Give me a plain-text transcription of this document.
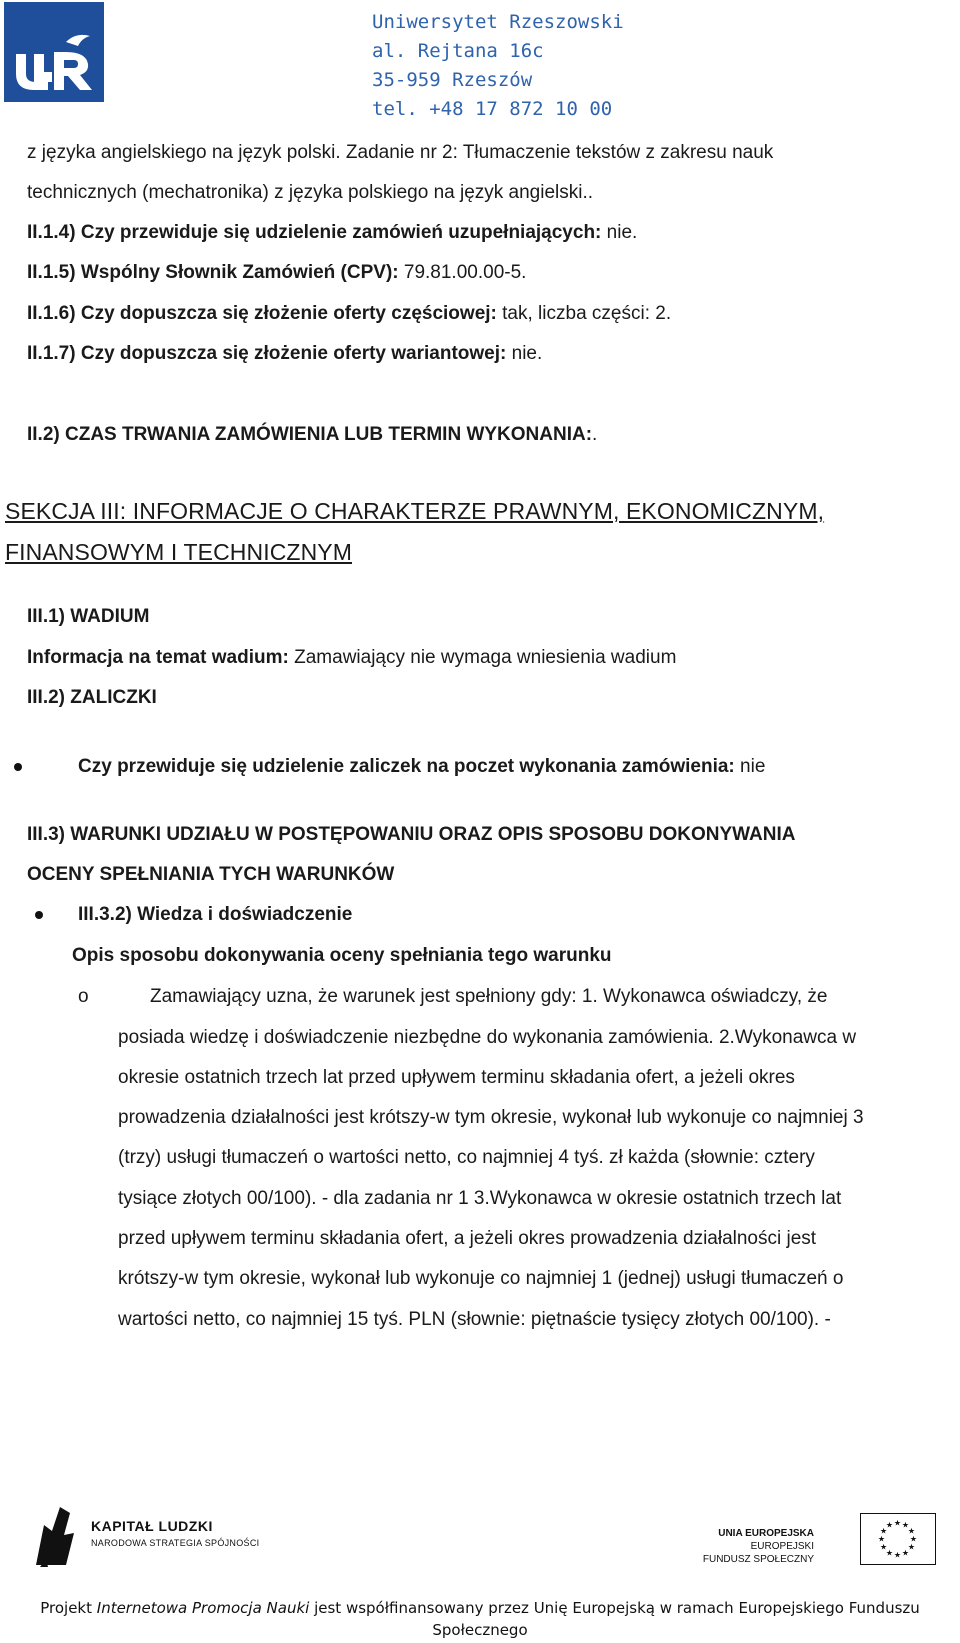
Uniwersytet Rzeszowski
al. Rejtana 16c
35-959 Rzeszów
tel. +48 17 872 10 00
z języka angielskiego na język polski. Zadanie nr 2: Tłumaczenie tekstów z zakresu nauk
technicznych (mechatronika) z języka polskiego na język angielski..
II.1.4) Czy przewiduje się udzielenie zamówień uzupełniających: nie.
II.1.5) Wspólny Słownik Zamówień (CPV): 79.81.00.00-5.
II.1.6) Czy dopuszcza się złożenie oferty częściowej: tak, liczba części: 2.
II.1.7) Czy dopuszcza się złożenie oferty wariantowej: nie.
II.2) CZAS TRWANIA ZAMÓWIENIA LUB TERMIN WYKONANIA:.
SEKCJA III: INFORMACJE O CHARAKTERZE PRAWNYM, EKONOMICZNYM,
FINANSOWYM I TECHNICZNYM
III.1) WADIUM
Informacja na temat wadium: Zamawiający nie wymaga wniesienia wadium
III.2) ZALICZKI
Czy przewiduje się udzielenie zaliczek na poczet wykonania zamówienia: nie
III.3) WARUNKI UDZIAŁU W POSTĘPOWANIU ORAZ OPIS SPOSOBU DOKONYWANIA
OCENY SPEŁNIANIA TYCH WARUNKÓW
III.3.2) Wiedza i doświadczenie
Opis sposobu dokonywania oceny spełniania tego warunku
o	Zamawiający uzna, że warunek jest spełniony gdy: 1. Wykonawca oświadczy, że
posiada wiedzę i doświadczenie niezbędne do wykonania zamówienia. 2.Wykonawca w
okresie ostatnich trzech lat przed upływem terminu składania ofert, a jeżeli okres
prowadzenia działalności jest krótszy-w tym okresie, wykonał lub wykonuje co najmniej 3
(trzy) usługi tłumaczeń o wartości netto, co najmniej 4 tyś. zł każda (słownie: cztery
tysiące złotych 00/100). - dla zadania nr 1 3.Wykonawca w okresie ostatnich trzech lat
przed upływem terminu składania ofert, a jeżeli okres prowadzenia działalności jest
krótszy-w tym okresie, wykonał lub wykonuje co najmniej 1 (jednej) usługi tłumaczeń o
wartości netto, co najmniej 15 tyś. PLN (słownie: piętnaście tysięcy złotych 00/100). -
KAPITAŁ LUDZKI
NARODOWA STRATEGIA SPÓJNOŚCI
UNIA EUROPEJSKA
EUROPEJSKI
FUNDUSZ SPOŁECZNY
★
★
★
★
★
★
★
★
★ ★ ★
★
Projekt Internetowa Promocja Nauki jest współfinansowany przez Unię Europejską w ramach Europejskiego Funduszu
Społecznego
